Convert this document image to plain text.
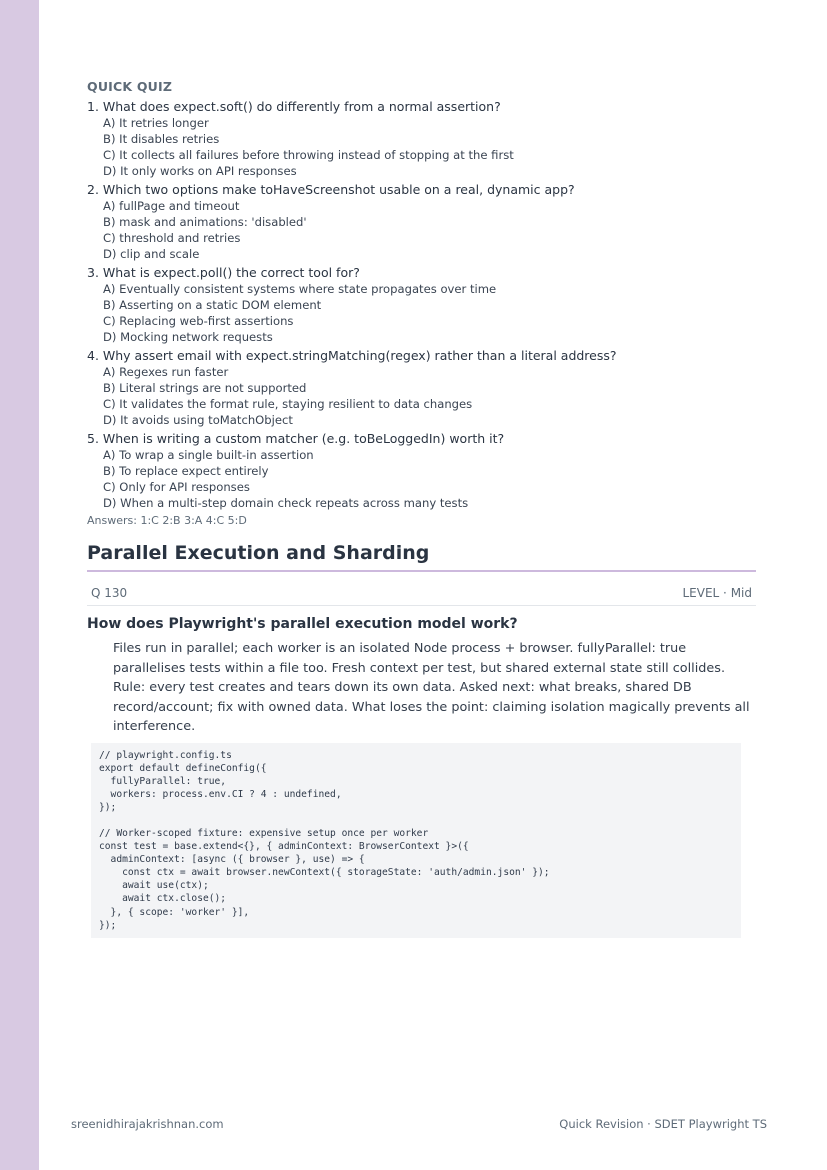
QUICK QUIZ
1. What does expect.soft() do differently from a normal assertion?
A) It retries longer
B) It disables retries
C) It collects all failures before throwing instead of stopping at the first
D) It only works on API responses
2. Which two options make toHaveScreenshot usable on a real, dynamic app?
A) fullPage and timeout
B) mask and animations: 'disabled'
C) threshold and retries
D) clip and scale
3. What is expect.poll() the correct tool for?
A) Eventually consistent systems where state propagates over time
B) Asserting on a static DOM element
C) Replacing web-first assertions
D) Mocking network requests
4. Why assert email with expect.stringMatching(regex) rather than a literal address?
A) Regexes run faster
B) Literal strings are not supported
C) It validates the format rule, staying resilient to data changes
D) It avoids using toMatchObject
5. When is writing a custom matcher (e.g. toBeLoggedIn) worth it?
A) To wrap a single built-in assertion
B) To replace expect entirely
C) Only for API responses
D) When a multi-step domain check repeats across many tests
Answers: 1:C 2:B 3:A 4:C 5:D
Parallel Execution and Sharding
Q 130	LEVEL · Mid
How does Playwright's parallel execution model work?
Files run in parallel; each worker is an isolated Node process + browser. fullyParallel: true parallelises tests within a file too. Fresh context per test, but shared external state still collides. Rule: every test creates and tears down its own data. Asked next: what breaks, shared DB record/account; fix with owned data. What loses the point: claiming isolation magically prevents all interference.
// playwright.config.ts
export default defineConfig({
fullyParallel: true,
workers: process.env.CI ? 4 : undefined,
});

// Worker-scoped fixture: expensive setup once per worker
const test = base.extend<{}, { adminContext: BrowserContext }>({
adminContext: [async ({ browser }, use) => {
const ctx = await browser.newContext({ storageState: 'auth/admin.json' });
await use(ctx);
await ctx.close();
}, { scope: 'worker' }],
});
sreenidhirajakrishnan.com	Quick Revision · SDET Playwright TS
